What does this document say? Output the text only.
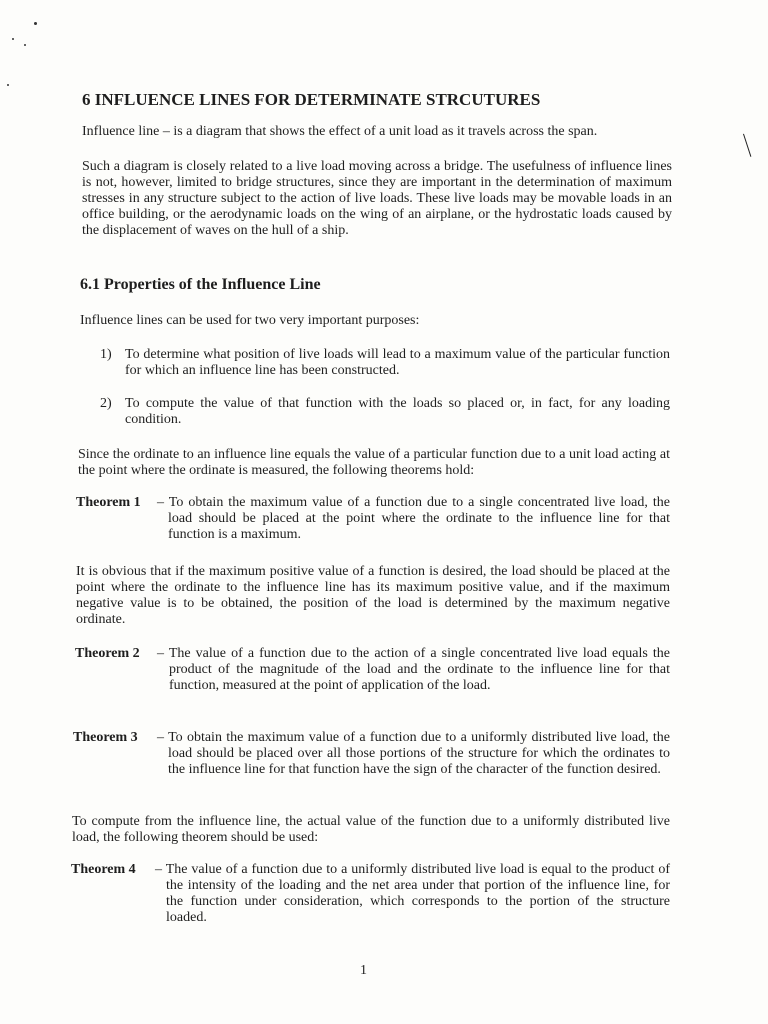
6 INFLUENCE LINES FOR DETERMINATE STRCUTURES

Influence line – is a diagram that shows the effect of a unit load as it travels across the span.

Such a diagram is closely related to a live load moving across a bridge. The usefulness of influence lines is not, however, limited to bridge structures, since they are important in the determination of maximum stresses in any structure subject to the action of live loads. These live loads may be movable loads in an office building, or the aerodynamic loads on the wing of an airplane, or the hydrostatic loads caused by the displacement of waves on the hull of a ship.

6.1 Properties of the Influence Line

Influence lines can be used for two very important purposes:

1) To determine what position of live loads will lead to a maximum value of the particular function for which an influence line has been constructed.
2) To compute the value of that function with the loads so placed or, in fact, for any loading condition.

Since the ordinate to an influence line equals the value of a particular function due to a unit load acting at the point where the ordinate is measured, the following theorems hold:

Theorem 1 – To obtain the maximum value of a function due to a single concentrated live load, the load should be placed at the point where the ordinate to the influence line for that function is a maximum.

It is obvious that if the maximum positive value of a function is desired, the load should be placed at the point where the ordinate to the influence line has its maximum positive value, and if the maximum negative value is to be obtained, the position of the load is determined by the maximum negative ordinate.

Theorem 2 – The value of a function due to the action of a single concentrated live load equals the product of the magnitude of the load and the ordinate to the influence line for that function, measured at the point of application of the load.
Theorem 3 – To obtain the maximum value of a function due to a uniformly distributed live load, the load should be placed over all those portions of the structure for which the ordinates to the influence line for that function have the sign of the character of the function desired.

To compute from the influence line, the actual value of the function due to a uniformly distributed live load, the following theorem should be used:

Theorem 4 – The value of a function due to a uniformly distributed live load is equal to the product of the intensity of the loading and the net area under that portion of the influence line, for the function under consideration, which corresponds to the portion of the structure loaded.
1
